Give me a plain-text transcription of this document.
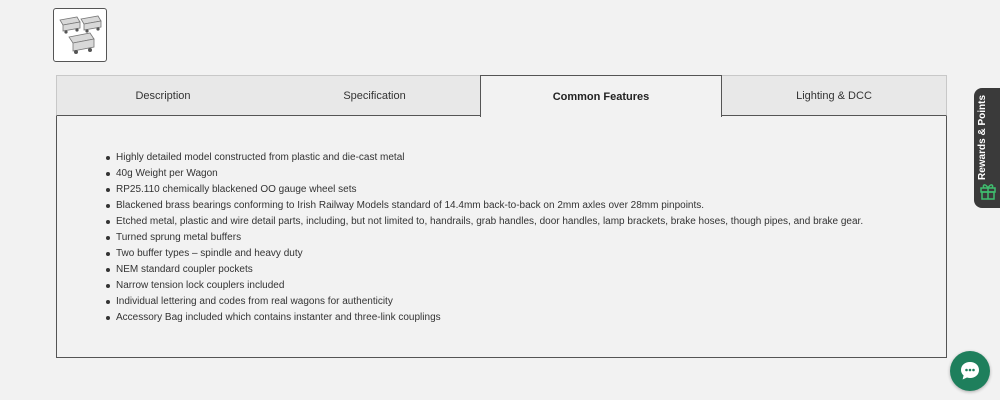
Description	Specification	Common Features	Lighting & DCC
Highly detailed model constructed from plastic and die-cast metal
40g Weight per Wagon
RP25.110 chemically blackened OO gauge wheel sets
Blackened brass bearings conforming to Irish Railway Models standard of 14.4mm back-to-back on 2mm axles over 28mm pinpoints.
Etched metal, plastic and wire detail parts, including, but not limited to, handrails, grab handles, door handles, lamp brackets, brake hoses, though pipes, and brake gear.
Turned sprung metal buffers
Two buffer types – spindle and heavy duty
NEM standard coupler pockets
Narrow tension lock couplers included
Individual lettering and codes from real wagons for authenticity
Accessory Bag included which contains instanter and three-link couplings
Rewards & Points
